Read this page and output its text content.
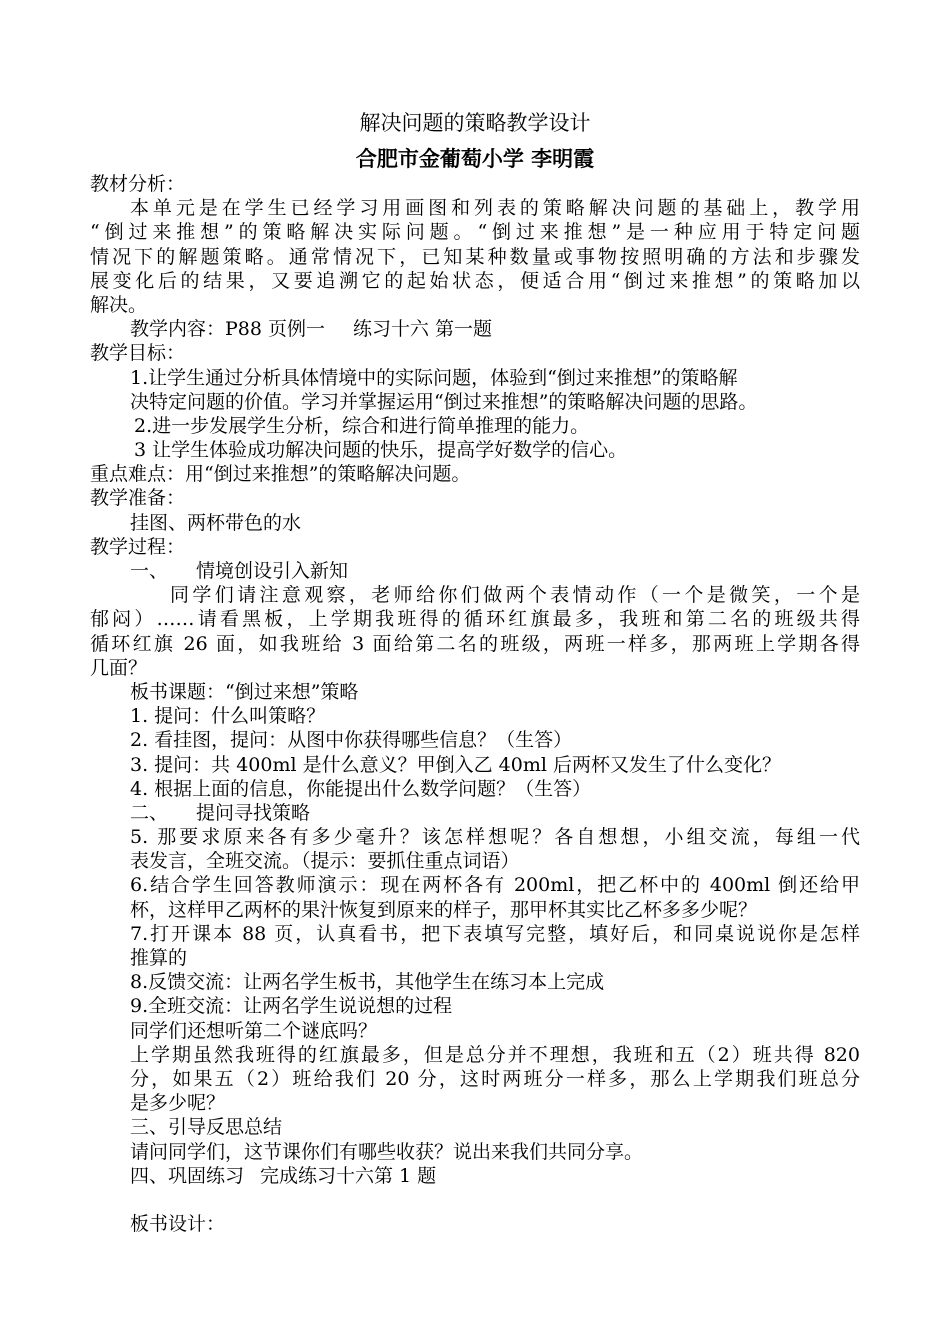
解决问题的策略教学设计
合肥市金葡萄小学 李明霞
教材分析：
本单元是在学生已经学习用画图和列表的策略解决问题的基础上，教学用
“倒过来推想”的策略解决实际问题。“倒过来推想”是一种应用于特定问题
情况下的解题策略。通常情况下，已知某种数量或事物按照明确的方法和步骤发
展变化后的结果，又要追溯它的起始状态，便适合用“倒过来推想”的策略加以
解决。
教学内容：P88 页例一 练习十六 第一题
教学目标：
1.让学生通过分析具体情境中的实际问题，体验到“倒过来推想”的策略解
决特定问题的价值。学习并掌握运用“倒过来推想”的策略解决问题的思路。
2.进一步发展学生分析，综合和进行简单推理的能力。
3 让学生体验成功解决问题的快乐，提高学好数学的信心。
重点难点：用“倒过来推想”的策略解决问题。
教学准备：
挂图、两杯带色的水
教学过程：
一、 情境创设引入新知
同学们请注意观察，老师给你们做两个表情动作（一个是微笑，一个是
郁闷）……请看黑板，上学期我班得的循环红旗最多，我班和第二名的班级共得
循环红旗 26 面，如我班给 3 面给第二名的班级，两班一样多，那两班上学期各得
几面？
板书课题：“倒过来想”策略
1. 提问：什么叫策略？
2. 看挂图，提问：从图中你获得哪些信息？（生答）
3. 提问：共 400ml 是什么意义？甲倒入乙 40ml 后两杯又发生了什么变化？
4. 根据上面的信息，你能提出什么数学问题？（生答）
二、 提问寻找策略
5. 那要求原来各有多少毫升？该怎样想呢？各自想想，小组交流，每组一代
表发言，全班交流。（提示：要抓住重点词语）
6.结合学生回答教师演示：现在两杯各有 200ml，把乙杯中的 400ml 倒还给甲
杯，这样甲乙两杯的果汁恢复到原来的样子，那甲杯其实比乙杯多多少呢？
7.打开课本 88 页，认真看书，把下表填写完整，填好后，和同桌说说你是怎样
推算的
8.反馈交流：让两名学生板书，其他学生在练习本上完成
9.全班交流：让两名学生说说想的过程
同学们还想听第二个谜底吗？
上学期虽然我班得的红旗最多，但是总分并不理想，我班和五（2）班共得 820
分，如果五（2）班给我们 20 分，这时两班分一样多，那么上学期我们班总分
是多少呢？
三、引导反思总结
请问同学们，这节课你们有哪些收获？说出来我们共同分享。
四、巩固练习 完成练习十六第 1 题
板书设计：
